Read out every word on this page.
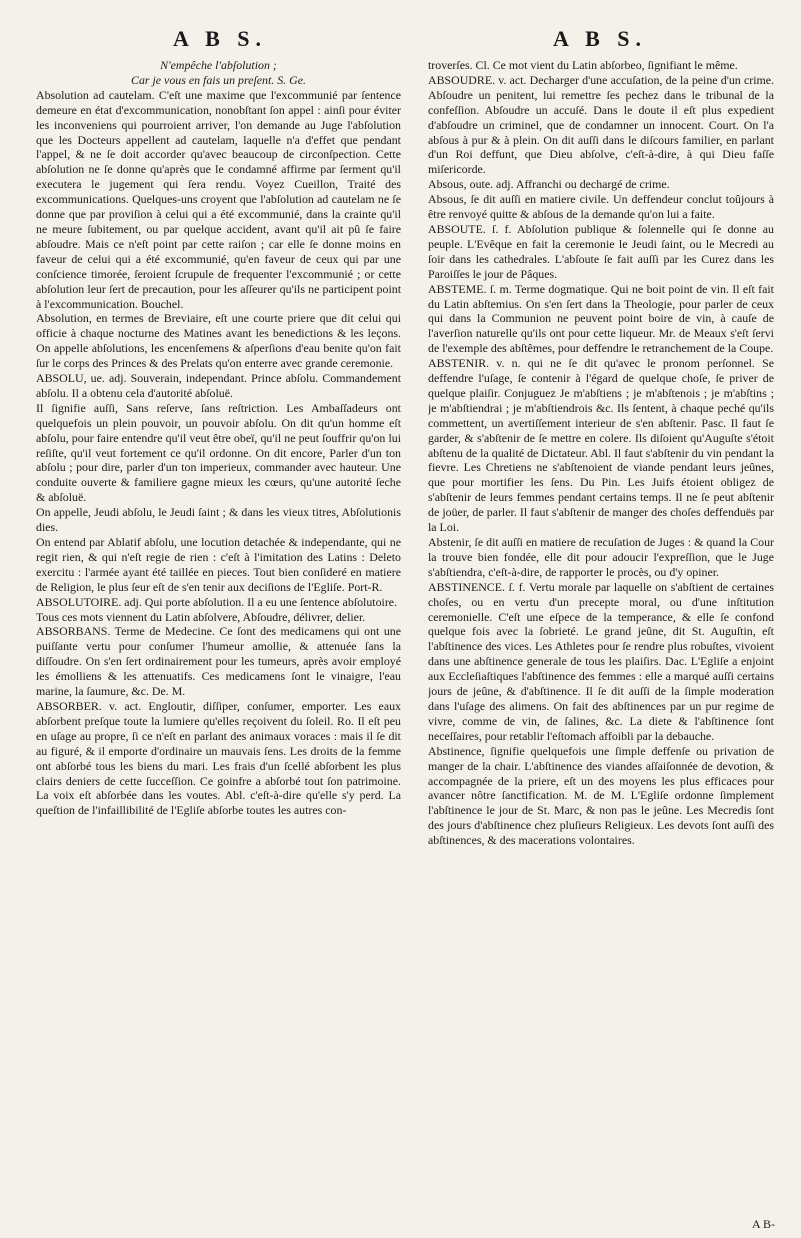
A B S.	A B S.

N'empêche l'abſolution ;

Car je vous en fais un preſent. S. Ge.

Absolution ad cautelam. C'eſt une maxime que l'excommunié par ſentence demeure en état d'excommunication, nonobſtant ſon appel : ainſi pour éviter les inconveniens qui pourroient arriver, l'on demande au Juge l'abſolution que les Docteurs appellent ad cautelam, laquelle n'a d'effet que pendant l'appel, & ne ſe doit accorder qu'avec beaucoup de circonſpection. Cette abſolution ne ſe donne qu'après que le condamné affirme par ſerment qu'il executera le jugement qui ſera rendu. Voyez Cueillon, Traité des excommunications. Quelques-uns croyent que l'abſolution ad cautelam ne ſe donne que par proviſion à celui qui a été excommunié, dans la crainte qu'il ne meure ſubitement, ou par quelque accident, avant qu'il ait pû ſe faire abſoudre. Mais ce n'eſt point par cette raiſon ; car elle ſe donne moins en faveur de celui qui a été excommunié, qu'en faveur de ceux qui par une conſcience timorée, ſeroient ſcrupule de frequenter l'excommunié ; or cette abſolution leur ſert de precaution, pour les aſſeurer qu'ils ne participent point à l'excommunication. Bouchel.

Absolution, en termes de Breviaire, eſt une courte priere que dit celui qui officie à chaque nocturne des Matines avant les benedictions & les leçons. On appelle abſolutions, les encenſemens & aſperſions d'eau benite qu'on fait ſur le corps des Princes & des Prelats qu'on enterre avec grande ceremonie.

ABSOLU, ue. adj. Souverain, independant. Prince abſolu. Commandement abſolu. Il a obtenu cela d'autorité abſoluë.

Il ſignifie auſſi, Sans reſerve, ſans reſtriction. Les Ambaſſadeurs ont quelquefois un plein pouvoir, un pouvoir abſolu. On dit qu'un homme eſt abſolu, pour faire entendre qu'il veut être obeï, qu'il ne peut ſouffrir qu'on lui reſiſte, qu'il veut fortement ce qu'il ordonne. On dit encore, Parler d'un ton abſolu ; pour dire, parler d'un ton imperieux, commander avec hauteur. Une conduite ouverte & familiere gagne mieux les cœurs, qu'une autorité ſeche & abſoluë.

On appelle, Jeudi abſolu, le Jeudi ſaint ; & dans les vieux titres, Abſolutionis dies.

On entend par Ablatif abſolu, une locution detachée & independante, qui ne regit rien, & qui n'eſt regie de rien : c'eſt à l'imitation des Latins : Deleto exercitu : l'armée ayant été taillée en pieces. Tout bien conſideré en matiere de Religion, le plus ſeur eſt de s'en tenir aux deciſions de l'Egliſe. Port-R.

ABSOLUTOIRE. adj. Qui porte abſolution. Il a eu une ſentence abſolutoire.

Tous ces mots viennent du Latin abſolvere, Abſoudre, délivrer, delier.

ABSORBANS. Terme de Medecine. Ce ſont des medicamens qui ont une puiſſante vertu pour conſumer l'humeur amollie, & attenuée ſans la diſſoudre. On s'en ſert ordinairement pour les tumeurs, après avoir employé les émolliens & les attenuatifs. Ces medicamens ſont le vinaigre, l'eau marine, la ſaumure, &c. De. M.

ABSORBER. v. act. Engloutir, diſſiper, conſumer, emporter. Les eaux abſorbent preſque toute la lumiere qu'elles reçoivent du ſoleil. Ro. Il eſt peu en uſage au propre, ſi ce n'eſt en parlant des animaux voraces : mais il ſe dit au figuré, & il emporte d'ordinaire un mauvais ſens. Les droits de la femme ont abſorbé tous les biens du mari. Les frais d'un ſcellé abſorbent les plus clairs deniers de cette ſucceſſion. Ce goinfre a abſorbé tout ſon patrimoine. La voix eſt abſorbée dans les voutes. Abl. c'eſt-à-dire qu'elle s'y perd. La queſtion de l'infaillibilité de l'Egliſe abſorbe toutes les autres con-

troverſes. Cl. Ce mot vient du Latin abſorbeo, ſignifiant le même.

ABSOUDRE. v. act. Decharger d'une accuſation, de la peine d'un crime. Abſoudre un penitent, lui remettre ſes pechez dans le tribunal de la confeſſion. Abſoudre un accuſé. Dans le doute il eſt plus expedient d'abſoudre un criminel, que de condamner un innocent. Court. On l'a abſous à pur & à plein. On dit auſſi dans le diſcours familier, en parlant d'un Roi deffunt, que Dieu abſolve, c'eſt-à-dire, à qui Dieu faſſe miſericorde.

Absous, oute. adj. Affranchi ou dechargé de crime.

Absous, ſe dit auſſi en matiere civile. Un deffendeur conclut toûjours à être renvoyé quitte & abſous de la demande qu'on lui a faite.

ABSOUTE. ſ. f. Abſolution publique & ſolennelle qui ſe donne au peuple. L'Evêque en fait la ceremonie le Jeudi ſaint, ou le Mecredi au ſoir dans les cathedrales. L'abſoute ſe fait auſſi par les Curez dans les Paroiſſes le jour de Pâques.

ABSTEME. ſ. m. Terme dogmatique. Qui ne boit point de vin. Il eſt fait du Latin abſtemius. On s'en ſert dans la Theologie, pour parler de ceux qui dans la Communion ne peuvent point boire de vin, à cauſe de l'averſion naturelle qu'ils ont pour cette liqueur. Mr. de Meaux s'eſt ſervi de l'exemple des abſtêmes, pour deffendre le retranchement de la Coupe.

ABSTENIR. v. n. qui ne ſe dit qu'avec le pronom perſonnel. Se deffendre l'uſage, ſe contenir à l'égard de quelque choſe, ſe priver de quelque plaiſir. Conjuguez Je m'abſtiens ; je m'abſtenois ; je m'abſtins ; je m'abſtiendrai ; je m'abſtiendrois &c. Ils ſentent, à chaque peché qu'ils commettent, un avertiſſement interieur de s'en abſtenir. Pasc. Il faut ſe garder, & s'abſtenir de ſe mettre en colere. Ils diſoient qu'Auguſte s'étoit abſtenu de la qualité de Dictateur. Abl. Il faut s'abſtenir du vin pendant la fievre. Les Chretiens ne s'abſtenoient de viande pendant leurs jeûnes, que pour mortifier les ſens. Du Pin. Les Juifs étoient obligez de s'abſtenir de leurs femmes pendant certains temps. Il ne ſe peut abſtenir de joüer, de parler. Il faut s'abſtenir de manger des choſes deffenduës par la Loi.

Abstenir, ſe dit auſſi en matiere de recuſation de Juges : & quand la Cour la trouve bien fondée, elle dit pour adoucir l'expreſſion, que le Juge s'abſtiendra, c'eſt-à-dire, de rapporter le procès, ou d'y opiner.

ABSTINENCE. ſ. f. Vertu morale par laquelle on s'abſtient de certaines choſes, ou en vertu d'un precepte moral, ou d'une inſtitution ceremonielle. C'eſt une eſpece de la temperance, & elle ſe confond quelque fois avec la ſobrieté. Le grand jeûne, dit St. Auguſtin, eſt l'abſtinence des vices. Les Athletes pour ſe rendre plus robuſtes, vivoient dans une abſtinence generale de tous les plaiſirs. Dac. L'Egliſe a enjoint aux Eccleſiaſtiques l'abſtinence des femmes : elle a marqué auſſi certains jours de jeûne, & d'abſtinence. Il ſe dit auſſi de la ſimple moderation dans l'uſage des alimens. On fait des abſtinences par un pur regime de vivre, comme de vin, de ſalines, &c. La diete & l'abſtinence ſont neceſſaires, pour retablir l'eſtomach affoibli par la debauche.

Abstinence, ſignifie quelquefois une ſimple deffenſe ou privation de manger de la chair. L'abſtinence des viandes aſſaiſonnée de devotion, & accompagnée de la priere, eſt un des moyens les plus efficaces pour avancer nôtre ſanctification. M. de M. L'Egliſe ordonne ſimplement l'abſtinence le jour de St. Marc, & non pas le jeûne. Les Mecredis ſont des jours d'abſtinence chez pluſieurs Religieux. Les devots ſont auſſi des abſtinences, & des macerations volontaires.

A B-
